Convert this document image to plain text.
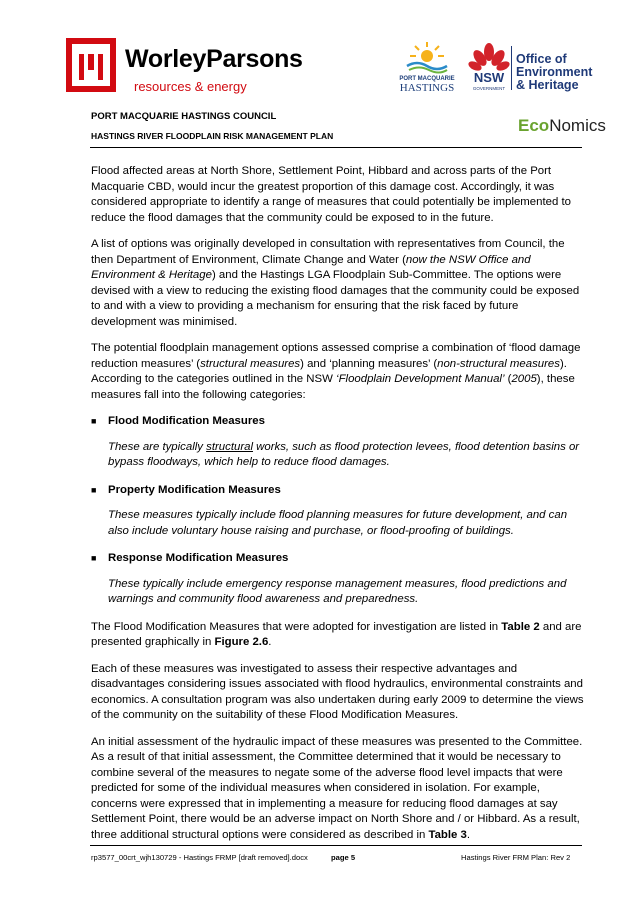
WorleyParsons
resources & energy	PORT MACQUARIE
HASTINGS
NSW
GOVERNMENT
Office of
Environment
& Heritage
PORT MACQUARIE HASTINGS COUNCIL
HASTINGS RIVER FLOODPLAIN RISK MANAGEMENT PLAN
EcoNomics

Flood affected areas at North Shore, Settlement Point, Hibbard and across parts of the Port Macquarie CBD, would incur the greatest proportion of this damage cost. Accordingly, it was considered appropriate to identify a range of measures that could potentially be implemented to reduce the flood damages that the community could be exposed to in the future.

A list of options was originally developed in consultation with representatives from Council, the then Department of Environment, Climate Change and Water (now the NSW Office and Environment & Heritage) and the Hastings LGA Floodplain Sub-Committee. The options were devised with a view to reducing the existing flood damages that the community could be exposed to and with a view to providing a mechanism for ensuring that the risk faced by future development was minimised.

The potential floodplain management options assessed comprise a combination of ‘flood damage reduction measures’ (structural measures) and ‘planning measures’ (non-structural measures). According to the categories outlined in the NSW ‘Floodplain Development Manual’ (2005), these measures fall into the following categories:

■	Flood Modification Measures

These are typically structural works, such as flood protection levees, flood detention basins or bypass floodways, which help to reduce flood damages.

■	Property Modification Measures

These measures typically include flood planning measures for future development, and can also include voluntary house raising and purchase, or flood-proofing of buildings.

■	Response Modification Measures

These typically include emergency response management measures, flood predictions and warnings and community flood awareness and preparedness.

The Flood Modification Measures that were adopted for investigation are listed in Table 2 and are presented graphically in Figure 2.6.

Each of these measures was investigated to assess their respective advantages and disadvantages considering issues associated with flood hydraulics, environmental constraints and economics. A consultation program was also undertaken during early 2009 to determine the views of the community on the suitability of these Flood Modification Measures.

An initial assessment of the hydraulic impact of these measures was presented to the Committee. As a result of that initial assessment, the Committee determined that it would be necessary to combine several of the measures to negate some of the adverse flood level impacts that were predicted for some of the individual measures when considered in isolation. For example, concerns were expressed that in implementing a measure for reducing flood damages at say Settlement Point, there would be an adverse impact on North Shore and / or Hibbard. As a result, three additional structural options were considered as described in Table 3.

rp3577_00crt_wjh130729 - Hastings FRMP [draft removed].docx	page 5	Hastings River FRM Plan: Rev 2
